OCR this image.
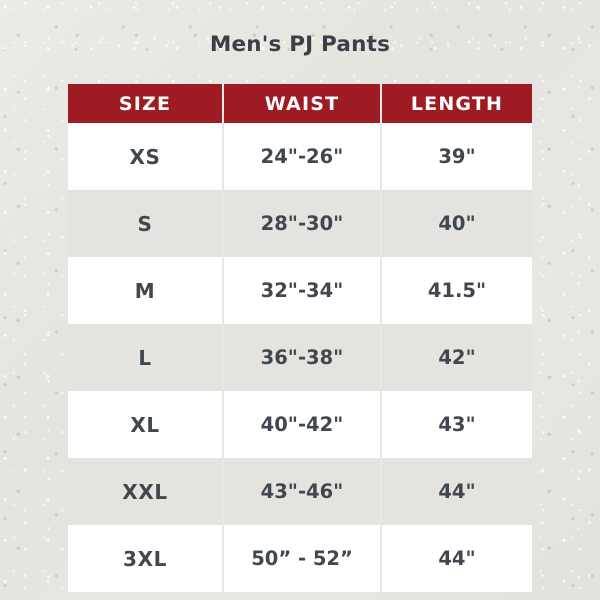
Men's PJ Pants
SIZE	WAIST	LENGTH
XS	24"-26"	39"
S	28"-30"	40"
M	32"-34"	41.5"
L	36"-38"	42"
XL	40"-42"	43"
XXL	43"-46"	44"
3XL	50” - 52”	44"
